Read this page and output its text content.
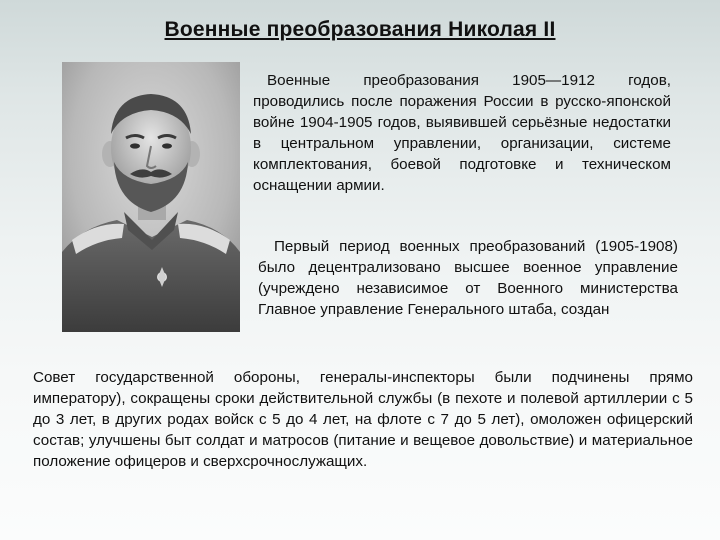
Военные преобразования Николая II

Военные преобразования 1905—1912 годов, проводились после поражения России в русско-японской войне 1904-1905 годов, выявившей серьёзные недостатки в центральном управлении, организации, системе комплектования, боевой подготовке и техническом оснащении армии.

Первый период военных преобразований (1905-1908) было децентрализовано высшее военное управление (учреждено независимое от Военного министерства Главное управление Генерального штаба, создан

Совет государственной обороны, генералы-инспекторы были подчинены прямо императору), сокращены сроки действительной службы (в пехоте и полевой артиллерии с 5 до 3 лет, в других родах войск с 5 до 4 лет, на флоте с 7 до 5 лет), омоложен офицерский состав; улучшены быт солдат и матросов (питание и вещевое довольствие) и материальное положение офицеров и сверхсрочнослужащих.
